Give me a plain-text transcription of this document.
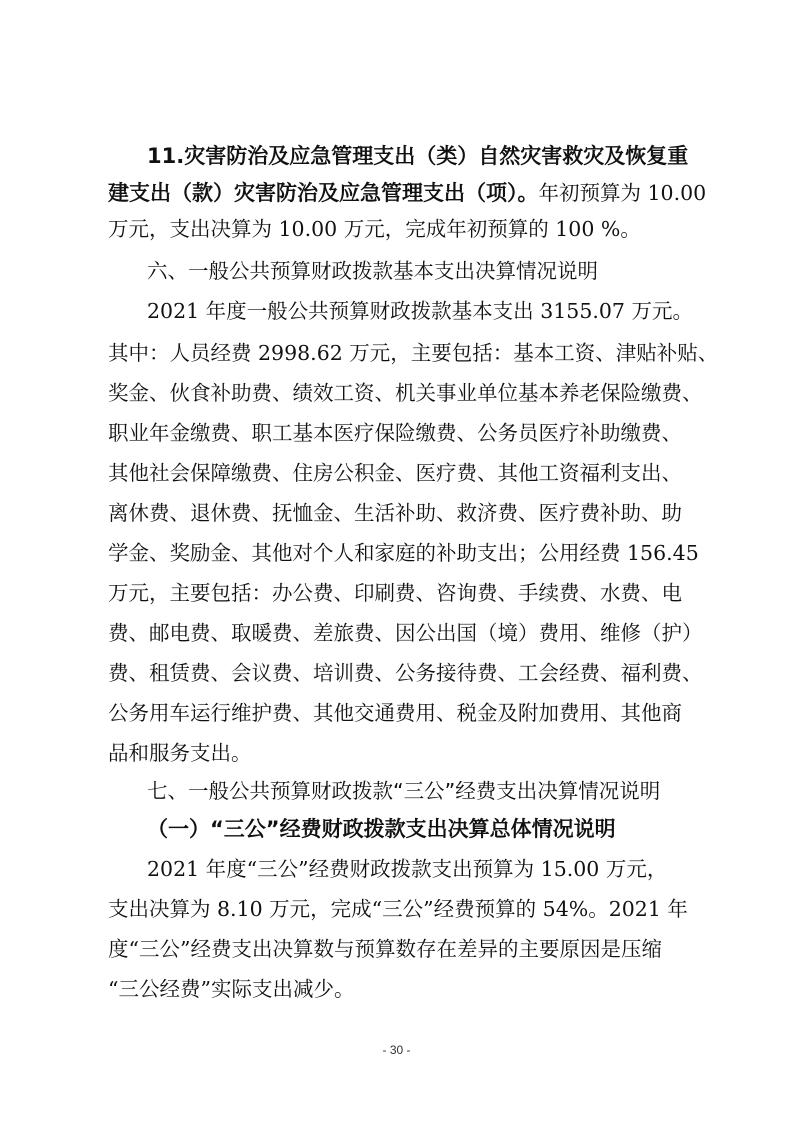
11.灾害防治及应急管理支出（类）自然灾害救灾及恢复重
建支出（款）灾害防治及应急管理支出（项）。年初预算为 10.00
万元，支出决算为 10.00 万元，完成年初预算的 100 %。
六、一般公共预算财政拨款基本支出决算情况说明
2021 年度一般公共预算财政拨款基本支出 3155.07 万元。
其中：人员经费 2998.62 万元，主要包括：基本工资、津贴补贴、
奖金、伙食补助费、绩效工资、机关事业单位基本养老保险缴费、
职业年金缴费、职工基本医疗保险缴费、公务员医疗补助缴费、
其他社会保障缴费、住房公积金、医疗费、其他工资福利支出、
离休费、退休费、抚恤金、生活补助、救济费、医疗费补助、助
学金、奖励金、其他对个人和家庭的补助支出；公用经费 156.45
万元，主要包括：办公费、印刷费、咨询费、手续费、水费、电
费、邮电费、取暖费、差旅费、因公出国（境）费用、维修（护）
费、租赁费、会议费、培训费、公务接待费、工会经费、福利费、
公务用车运行维护费、其他交通费用、税金及附加费用、其他商
品和服务支出。
七、一般公共预算财政拨款“三公”经费支出决算情况说明
（一）“三公”经费财政拨款支出决算总体情况说明
2021 年度“三公”经费财政拨款支出预算为 15.00 万元，
支出决算为 8.10 万元，完成“三公”经费预算的 54%。2021 年
度“三公”经费支出决算数与预算数存在差异的主要原因是压缩
“三公经费”实际支出减少。
- 30 -
